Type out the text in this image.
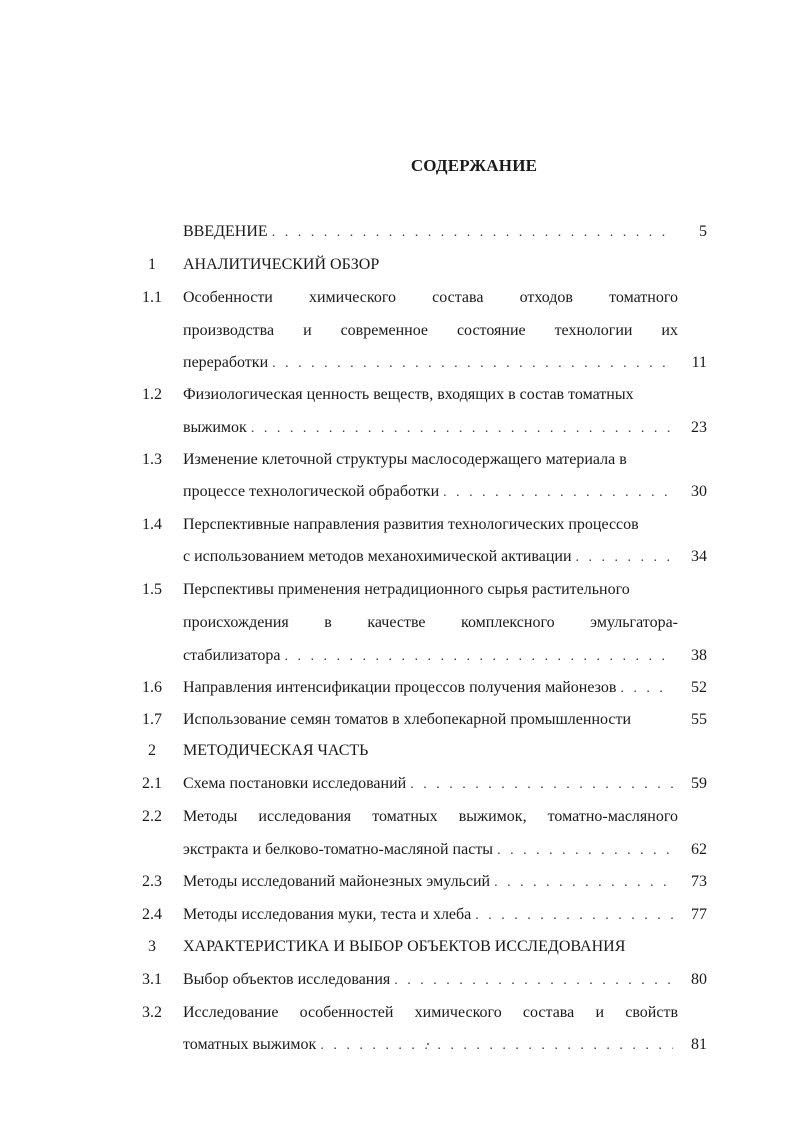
СОДЕРЖАНИЕ
ВВЕДЕНИЕ . . .	5
1	АНАЛИТИЧЕСКИЙ ОБЗОР
1.1	Особенности химического состава отходов томатного
производства и современное состояние технологии их
переработки . . .	11
1.2	Физиологическая ценность веществ, входящих в состав томатных
выжимок . . .	23
1.3	Изменение клеточной структуры маслосодержащего материала в
процессе технологической обработки . . .	30
1.4	Перспективные направления развития технологических процессов
с использованием методов механохимической активации . . .	34
1.5	Перспективы применения нетрадиционного сырья растительного
происхождения в качестве комплексного эмульгатора-
стабилизатора . . .	38
1.6	Направления интенсификации процессов получения майонезов . . .	52
1.7	Использование семян томатов в хлебопекарной промышленности	55
2	МЕТОДИЧЕСКАЯ ЧАСТЬ
2.1	Схема постановки исследований . . .	59
2.2	Методы исследования томатных выжимок, томатно-масляного
экстракта и белково-томатно-масляной пасты . . .	62
2.3	Методы исследований майонезных эмульсий . . .	73
2.4	Методы исследования муки, теста и хлеба . . .	77
3	ХАРАКТЕРИСТИКА И ВЫБОР ОБЪЕКТОВ ИССЛЕДОВАНИЯ
3.1	Выбор объектов исследования . . .	80
3.2	Исследование особенностей химического состава и свойств
томатных выжимок . . .	81
